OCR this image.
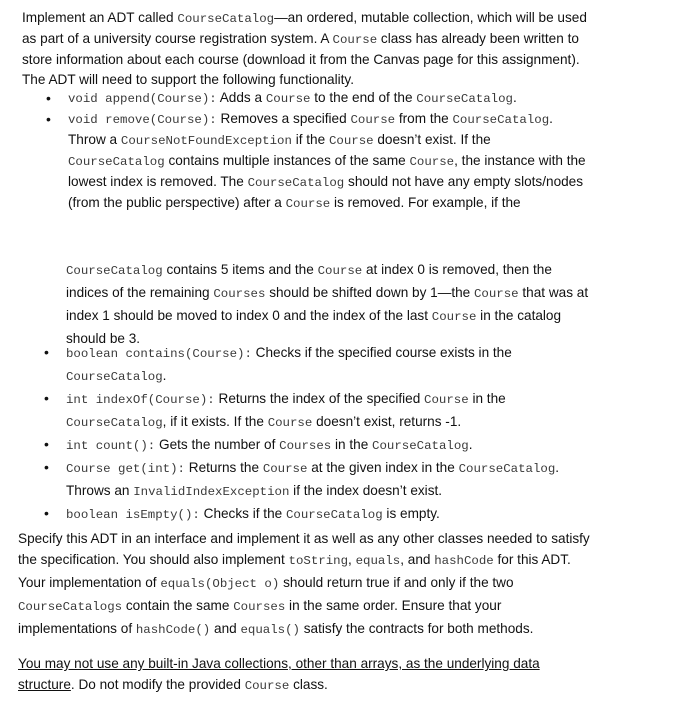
Implement an ADT called CourseCatalog—an ordered, mutable collection, which will be used
as part of a university course registration system. A Course class has already been written to
store information about each course (download it from the Canvas page for this assignment).
The ADT will need to support the following functionality.
• void append(Course): Adds a Course to the end of the CourseCatalog.
• void remove(Course): Removes a specified Course from the CourseCatalog.
Throw a CourseNotFoundException if the Course doesn’t exist. If the
CourseCatalog contains multiple instances of the same Course, the instance with the
lowest index is removed. The CourseCatalog should not have any empty slots/nodes
(from the public perspective) after a Course is removed. For example, if the
CourseCatalog contains 5 items and the Course at index 0 is removed, then the
indices of the remaining Courses should be shifted down by 1—the Course that was at
index 1 should be moved to index 0 and the index of the last Course in the catalog
should be 3.
• boolean contains(Course): Checks if the specified course exists in the
CourseCatalog.
• int indexOf(Course): Returns the index of the specified Course in the
CourseCatalog, if it exists. If the Course doesn’t exist, returns -1.
• int count(): Gets the number of Courses in the CourseCatalog.
• Course get(int): Returns the Course at the given index in the CourseCatalog.
Throws an InvalidIndexException if the index doesn’t exist.
• boolean isEmpty(): Checks if the CourseCatalog is empty.
Specify this ADT in an interface and implement it as well as any other classes needed to satisfy
the specification. You should also implement toString, equals, and hashCode for this ADT.
Your implementation of equals(Object o) should return true if and only if the two
CourseCatalogs contain the same Courses in the same order. Ensure that your
implementations of hashCode() and equals() satisfy the contracts for both methods.
You may not use any built-in Java collections, other than arrays, as the underlying data
structure. Do not modify the provided Course class.
